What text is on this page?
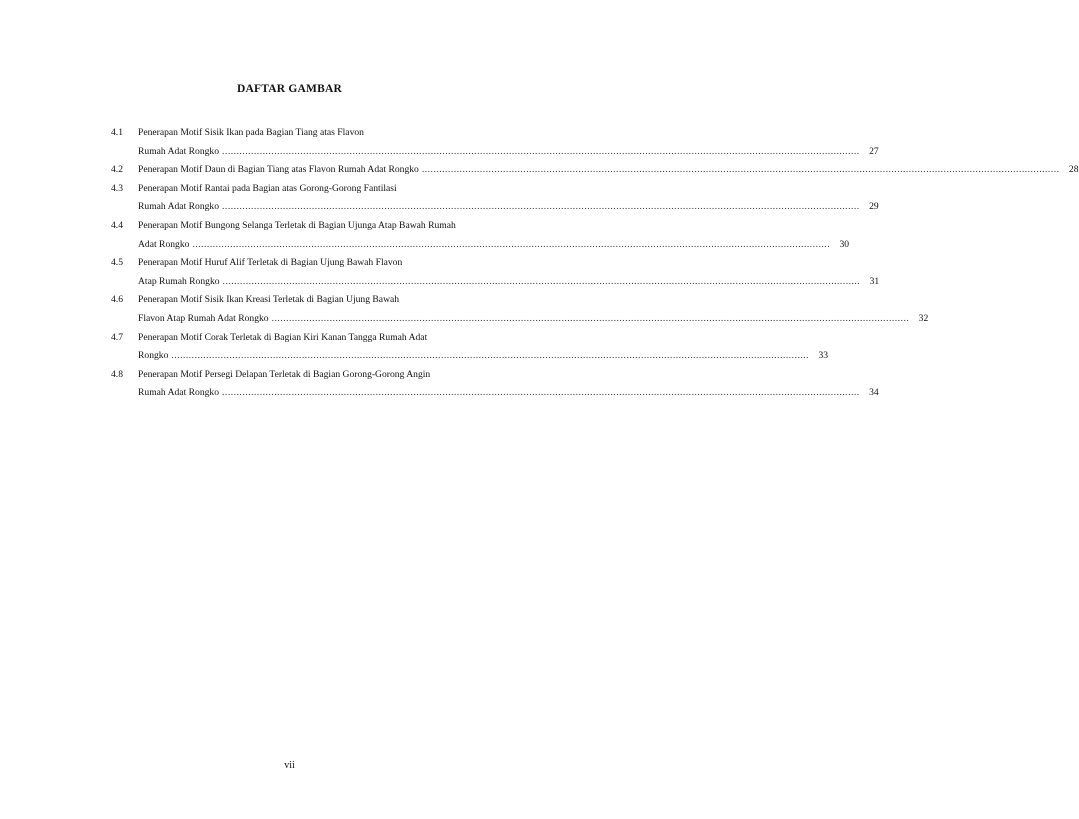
DAFTAR GAMBAR
4.1 Penerapan Motif Sisik Ikan pada Bagian Tiang atas Flavon
Rumah Adat Rongko ............................................................................................................................................................................................................................ 27
4.2 Penerapan Motif Daun di Bagian Tiang atas Flavon Rumah Adat Rongko ............................................................................................................................................................................................................................ 28
4.3 Penerapan Motif Rantai pada Bagian atas Gorong-Gorong Fantilasi
Rumah Adat Rongko ............................................................................................................................................................................................................................ 29
4.4 Penerapan Motif Bungong Selanga Terletak di Bagian Ujunga Atap Bawah Rumah
Adat Rongko ............................................................................................................................................................................................................................ 30
4.5 Penerapan Motif Huruf Alif Terletak di Bagian Ujung Bawah Flavon
Atap Rumah Rongko ............................................................................................................................................................................................................................ 31
4.6 Penerapan Motif Sisik Ikan Kreasi Terletak di Bagian Ujung Bawah
Flavon Atap Rumah Adat Rongko ............................................................................................................................................................................................................................ 32
4.7 Penerapan Motif Corak Terletak di Bagian Kiri Kanan Tangga Rumah Adat
Rongko ............................................................................................................................................................................................................................ 33
4.8 Penerapan Motif Persegi Delapan Terletak di Bagian Gorong-Gorong Angin
Rumah Adat Rongko ............................................................................................................................................................................................................................ 34
vii
